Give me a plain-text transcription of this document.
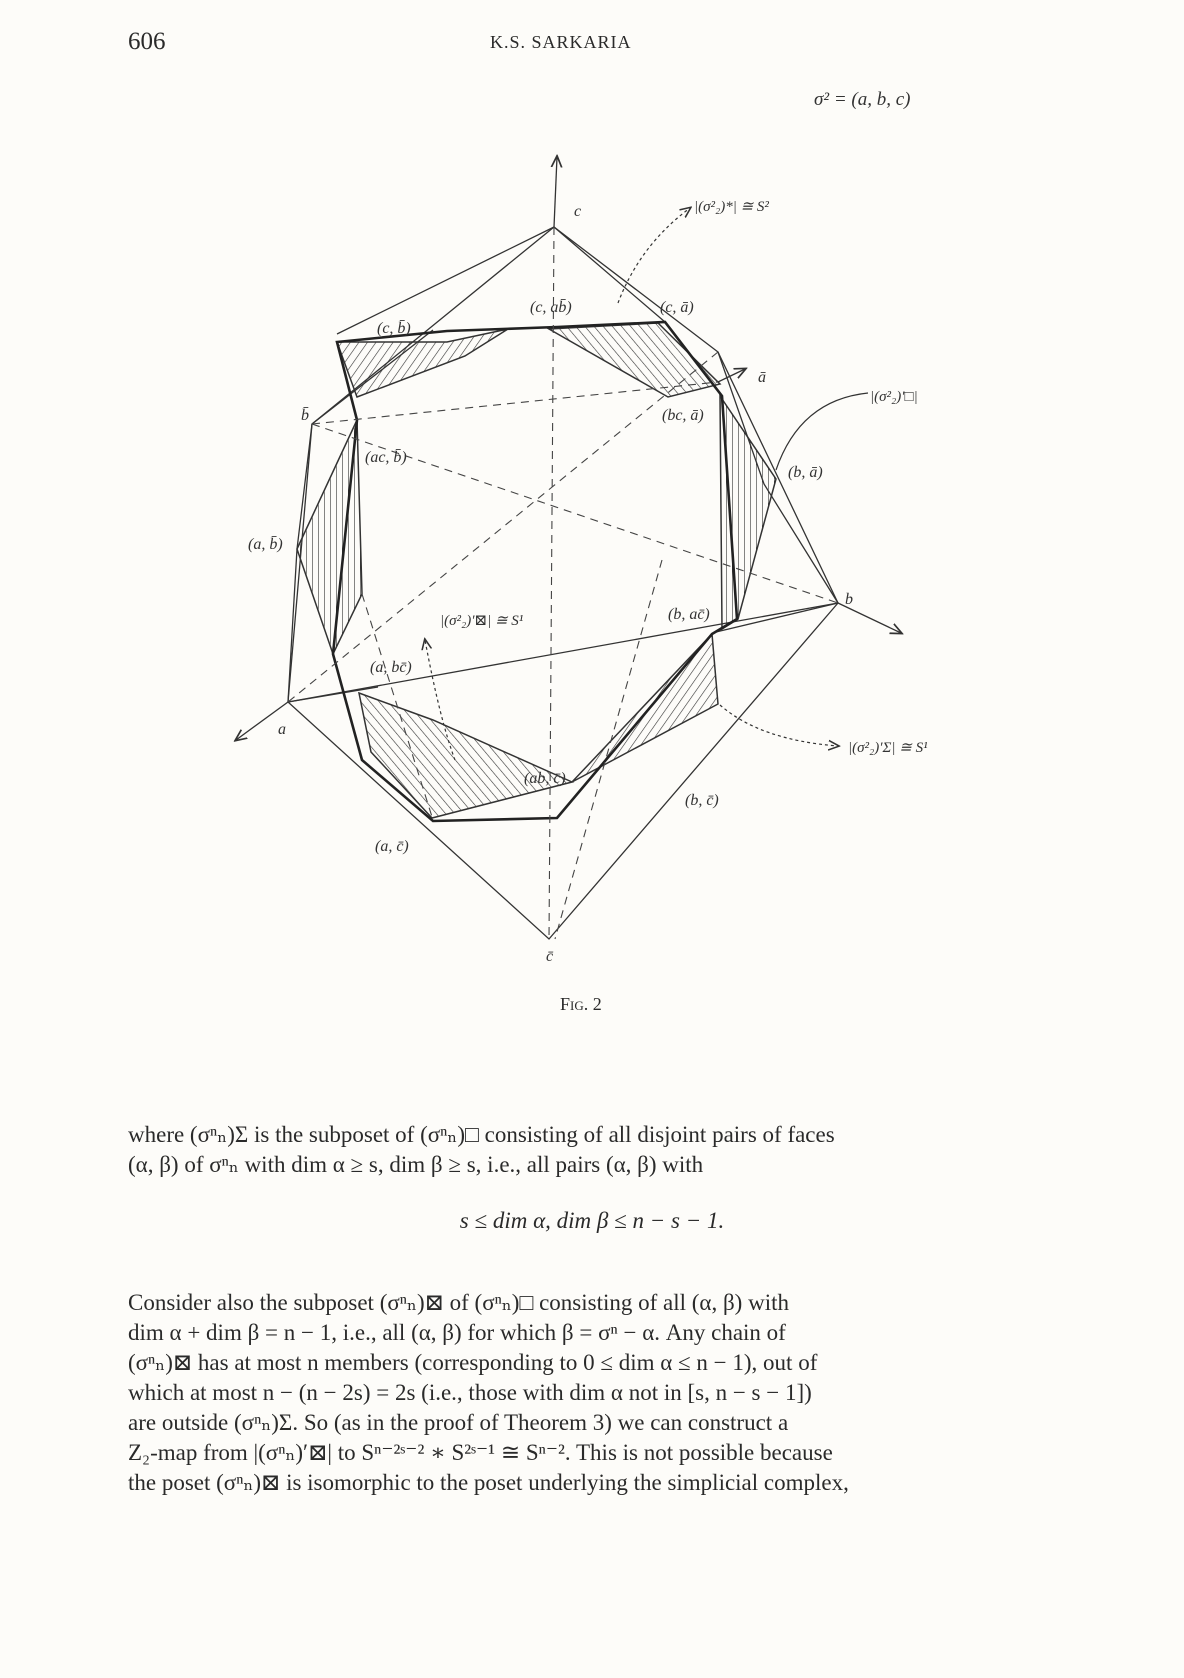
606	K.S. SARKARIA
σ² = (a, b, c)
c
c̄
a
ā
b
b̄
(c, b̄)
(c, ab̄)	(c, ā)
(bc, ā)
(ac, b̄)
(b, ā)
(a, b̄)
(b, ac̄)
(a, bc̄)
(ab, c̄)
(b, c̄)
(a, c̄)
|(σ²₂)*| ≅ S²
|(σ²₂)′□|
|(σ²₂)′⊠| ≅ S¹
|(σ²₂)′Σ| ≅ S¹
Fig. 2
where (σⁿₙ)Σ is the subposet of (σⁿₙ)□ consisting of all disjoint pairs of faces
(α, β) of σⁿₙ with dim α ≥ s, dim β ≥ s, i.e., all pairs (α, β) with
s ≤ dim α, dim β ≤ n − s − 1.
Consider also the subposet (σⁿₙ)⊠ of (σⁿₙ)□ consisting of all (α, β) with
dim α + dim β = n − 1, i.e., all (α, β) for which β = σⁿ − α. Any chain of
(σⁿₙ)⊠ has at most n members (corresponding to 0 ≤ dim α ≤ n − 1), out of
which at most n − (n − 2s) = 2s (i.e., those with dim α not in [s, n − s − 1])
are outside (σⁿₙ)Σ. So (as in the proof of Theorem 3) we can construct a
Z₂-map from |(σⁿₙ)′⊠| to Sⁿ⁻²ˢ⁻² ∗ S²ˢ⁻¹ ≅ Sⁿ⁻². This is not possible because
the poset (σⁿₙ)⊠ is isomorphic to the poset underlying the simplicial complex,
